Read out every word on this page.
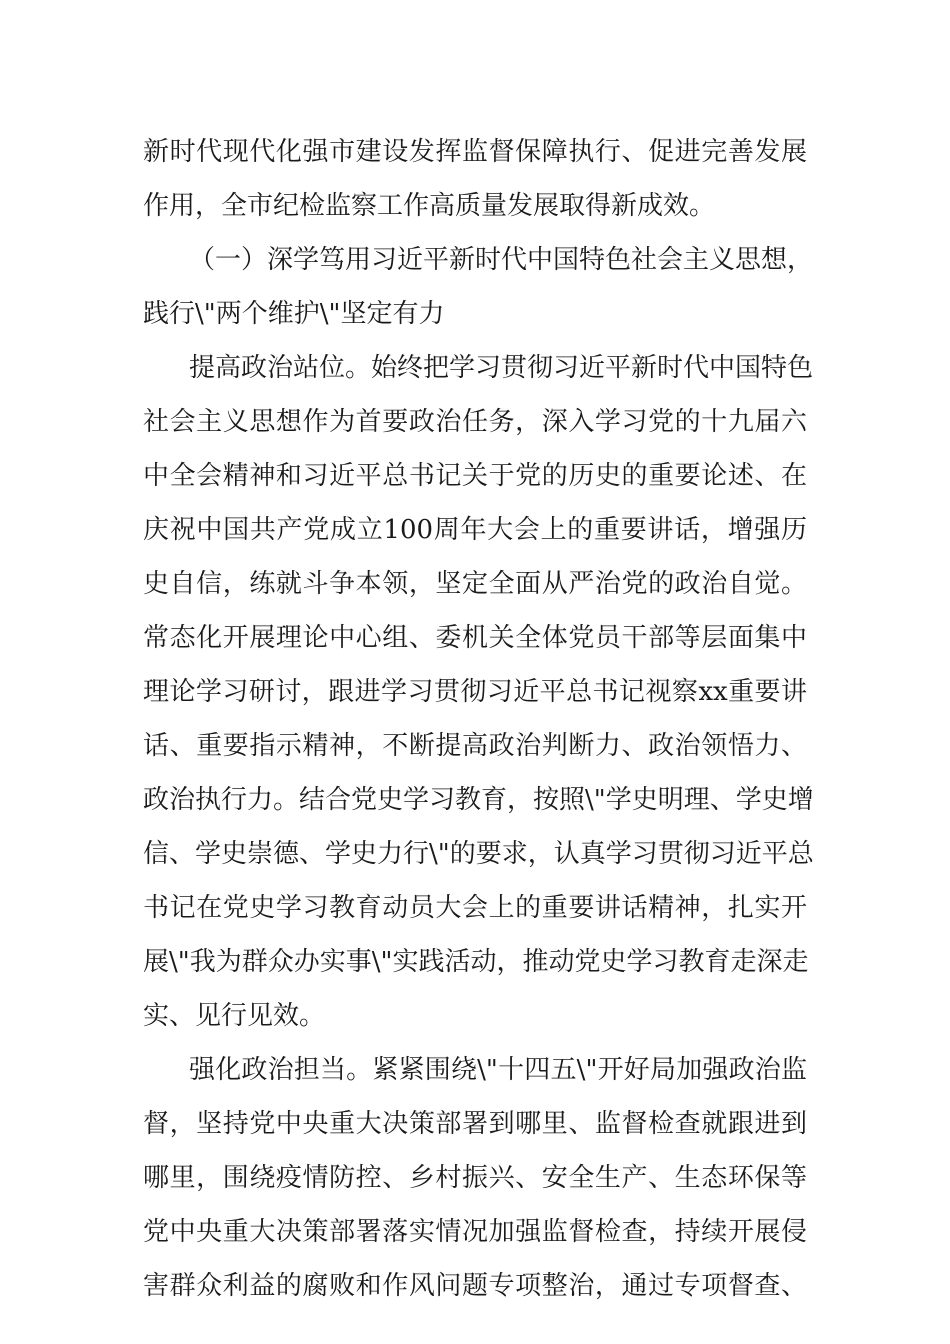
新时代现代化强市建设发挥监督保障执行、促进完善发展
作用，全市纪检监察工作高质量发展取得新成效。
（一）深学笃用习近平新时代中国特色社会主义思想，
践行\"两个维护\"坚定有力
提高政治站位。始终把学习贯彻习近平新时代中国特色
社会主义思想作为首要政治任务，深入学习党的十九届六
中全会精神和习近平总书记关于党的历史的重要论述、在
庆祝中国共产党成立100周年大会上的重要讲话，增强历
史自信，练就斗争本领，坚定全面从严治党的政治自觉。
常态化开展理论中心组、委机关全体党员干部等层面集中
理论学习研讨，跟进学习贯彻习近平总书记视察xx重要讲
话、重要指示精神，不断提高政治判断力、政治领悟力、
政治执行力。结合党史学习教育，按照\"学史明理、学史增
信、学史崇德、学史力行\"的要求，认真学习贯彻习近平总
书记在党史学习教育动员大会上的重要讲话精神，扎实开
展\"我为群众办实事\"实践活动，推动党史学习教育走深走
实、见行见效。
强化政治担当。紧紧围绕\"十四五\"开好局加强政治监
督，坚持党中央重大决策部署到哪里、监督检查就跟进到
哪里，围绕疫情防控、乡村振兴、安全生产、生态环保等
党中央重大决策部署落实情况加强监督检查，持续开展侵
害群众利益的腐败和作风问题专项整治，通过专项督查、
